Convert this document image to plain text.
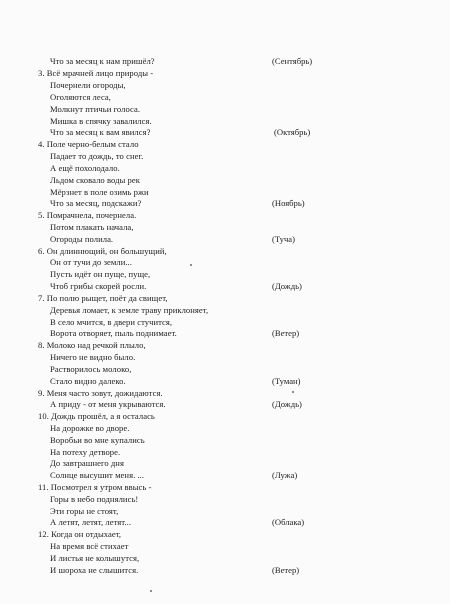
Что за месяц к нам пришёл?
3. Всё мрачней лицо природы -
Почернели огороды,
Оголяются леса,
Молкнут птичьи голоса.
Мишка в спячку завалился.
Что за месяц к вам явился?
4. Поле черно-белым стало
Падает то дождь, то снег.
А ещё похолодало.
Льдом сковало воды рек
Мёрзнет в поле озимь ржи
Что за месяц, подскажи?
5. Помрачнела, почернела.
Потом плакать начала,
Огороды полила.
6. Он длиннющий, он большущий,
Он от тучи до земли...
Пусть идёт он пуще, пуще,
Чтоб грибы скорей росли.
7. По полю рыщет, поёт да свищет,
Деревья ломает, к земле траву приклоняет,
В село мчится, в двери стучится,
Ворота отворяет, пыль поднимает.
8. Молоко над речкой плыло,
Ничего не видно было.
Растворилось молоко,
Стало видно далеко.
9. Меня часто зовут, дожидаются.
А приду - от меня укрываются.
10. Дождь прошёл, а я осталась
На дорожке во дворе.
Воробьи во мне купались
На потеху детворе.
До завтрашнего дня
Солнце высушит меня. ...
11. Посмотрел я утром ввысь -
Горы в небо поднялись!
Эти горы не стоят,
А летят, летят, летят...
12. Когда он отдыхает,
На время всё стихает
И листья не колышутся,
И шороха не слышится.
(Сентябрь)
(Октябрь)
(Ноябрь)
(Туча)
(Дождь)
(Ветер)
(Туман)
(Дождь)
(Лужа)
(Облака)
(Ветер)
